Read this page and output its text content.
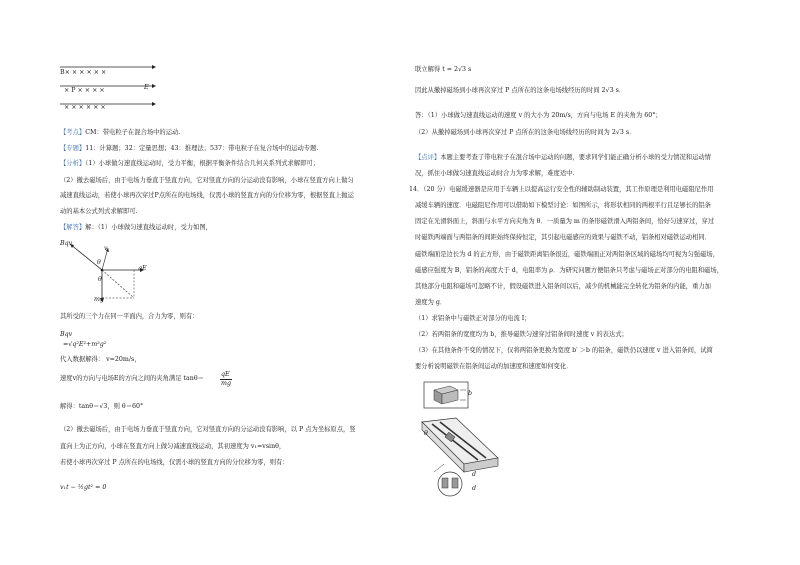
B× × × × × ×
× P × × × ×
× × × × × ×
E
【考点】CM：带电粒子在混合场中的运动.
【专题】11：计算题；32：定量思想；43：推理法；537：带电粒子在复合场中的运动专题.
【分析】（1）小球做匀速直线运动时，受力平衡，根据平衡条件结合几何关系列式求解即可；
（2）撤去磁场后，由于电场力垂直于竖直方向，它对竖直方向的分运动没有影响，小球在竖直方向上做匀
减速直线运动，若使小球再次穿过P点所在的电场线，仅需小球的竖直方向的分位移为零，根据竖直上抛运
动的基本公式列式求解即可.
【解答】解：（1）小球做匀速直线运动时，受力如图，
Bqv
v
θ
qE
θ
mg
其所受的三个力在同一平面内，合力为零，则有：
Bqv
=√q²E²+m²g²
代入数据解得： v=20m/s，
速度v的方向与电场E的方向之间的夹角满足 tanθ＝
qE
mg
解得：tanθ＝√3，则 θ＝60°
（2）撤去磁场后，由于电场力垂直于竖直方向，它对竖直方向的分运动没有影响，以 P 点为坐标原点，竖
直向上为正方向，小球在竖直方向上做匀减速直线运动，其初速度为 v₁=vsinθ，
若使小球再次穿过 P 点所在的电场线，仅需小球的竖直方向的分位移为零，则有：
v₁t − ½gt² = 0
联立解得 t = 2√3 s
因此从撤掉磁场到小球再次穿过 P 点所在的这条电场线经历的时间 2√3 s．
答：（1）小球做匀速直线运动的速度 v 的大小为 20m/s，方向与电场 E 的夹角为 60°；
（2）从撤掉磁场到小球再次穿过 P 点所在的这条电场线经历的时间为 2√3 s．
【点评】本题主要考查了带电粒子在混合场中运动的问题，要求同学们能正确分析小球的受力情况和运动情
况，抓住小球做匀速直线运动时合力为零求解，难度适中.
14．（20 分）电磁缓速器是应用于车辆上以提高运行安全性的辅助制动装置，其工作原理是利用电磁阻尼作用
减缓车辆的速度．电磁阻尼作用可以借助如下模型讨论：如图所示，将形状相同的两根平行且足够长的铝条
固定在光滑斜面上，斜面与水平方向夹角为 θ．一质量为 m 的条形磁铁滑入两铝条间，恰好匀速穿过，穿过
时磁铁两端面与两铝条的间距始终保持恒定，其引起电磁感应的效果与磁铁不动，铝条相对磁铁运动相同．
磁铁端面是边长为 d 的正方形，由于磁铁距离铝条很近，磁铁端面正对两铝条区域的磁场均可视为匀强磁场，
磁感应强度为 B，铝条的高度大于 d，电阻率为 ρ．为研究问题方便铝条只考虑与磁场正对部分的电阻和磁场，
其他部分电阻和磁场可忽略不计，假设磁铁进入铝条间以后，减少的机械能完全转化为铝条的内能，重力加
速度为 g．
（1）求铝条中与磁铁正对部分的电流 I；
（2）若两铝条的宽度均为 b，推导磁铁匀速穿过铝条间时速度 v 的表达式；
（3）在其他条件不变的情况下，仅将两铝条更换为宽度 b′ ＞b 的铝条，磁铁仍以速度 v 进入铝条间，试简
要分析说明磁铁在铝条间运动的加速度和速度如何变化．
b
θ
d
d
